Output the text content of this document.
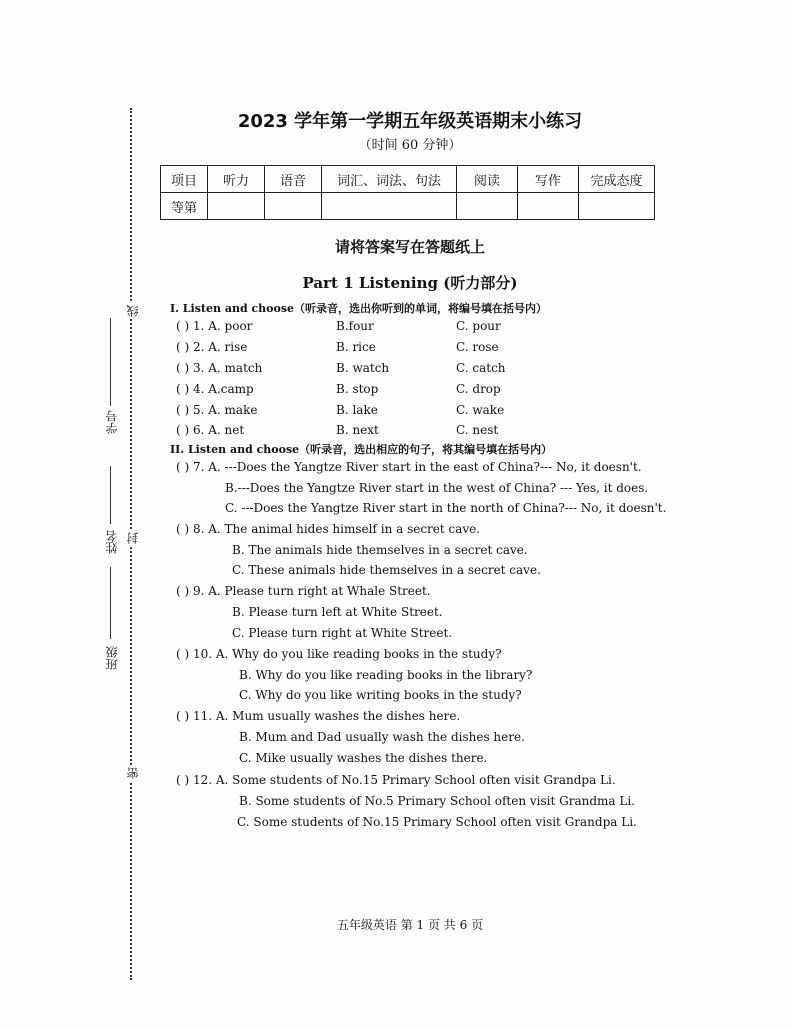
线
封
密
学号
姓名
班级
2023 学年第一学期五年级英语期末小练习
（时间 60 分钟）
项目	听力	语音	词汇、词法、句法	阅读	写作	完成态度
等第						
请将答案写在答题纸上
Part 1 Listening (听力部分)
I. Listen and choose（听录音，选出你听到的单词，将编号填在括号内）
( ) 1. A. poor	B.four	C. pour
( ) 2. A. rise	B. rice	C. rose
( ) 3. A. match	B. watch	C. catch
( ) 4. A.camp	B. stop	C. drop
( ) 5. A. make	B. lake	C. wake
( ) 6. A. net	B. next	C. nest
II. Listen and choose（听录音，选出相应的句子，将其编号填在括号内）
( ) 7. A. ---Does the Yangtze River start in the east of China?--- No, it doesn't.
B.---Does the Yangtze River start in the west of China? --- Yes, it does.
C. ---Does the Yangtze River start in the north of China?--- No, it doesn't.
( ) 8. A. The animal hides himself in a secret cave.
B. The animals hide themselves in a secret cave.
C. These animals hide themselves in a secret cave.
( ) 9. A. Please turn right at Whale Street.
B. Please turn left at White Street.
C. Please turn right at White Street.
( ) 10. A. Why do you like reading books in the study?
B. Why do you like reading books in the library?
C. Why do you like writing books in the study?
( ) 11. A. Mum usually washes the dishes here.
B. Mum and Dad usually wash the dishes here.
C. Mike usually washes the dishes there.
( ) 12. A. Some students of No.15 Primary School often visit Grandpa Li.
B. Some students of No.5 Primary School often visit Grandma Li.
C. Some students of No.15 Primary School often visit Grandpa Li.
五年级英语 第 1 页 共 6 页
